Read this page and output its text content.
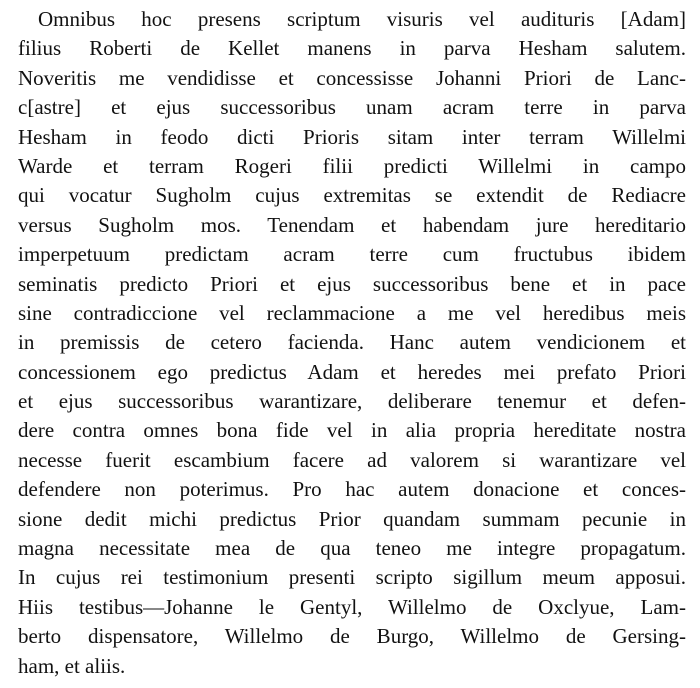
Omnibus hoc presens scriptum visuris vel audituris [Adam]
filius Roberti de Kellet manens in parva Hesham salutem.
Noveritis me vendidisse et concessisse Johanni Priori de Lanc-
c[astre] et ejus successoribus unam acram terre in parva
Hesham in feodo dicti Prioris sitam inter terram Willelmi
Warde et terram Rogeri filii predicti Willelmi in campo
qui vocatur Sugholm cujus extremitas se extendit de Rediacre
versus Sugholm mos. Tenendam et habendam jure hereditario
imperpetuum predictam acram terre cum fructubus ibidem
seminatis predicto Priori et ejus successoribus bene et in pace
sine contradiccione vel reclammacione a me vel heredibus meis
in premissis de cetero facienda. Hanc autem vendicionem et
concessionem ego predictus Adam et heredes mei prefato Priori
et ejus successoribus warantizare, deliberare tenemur et defen-
dere contra omnes bona fide vel in alia propria hereditate nostra
necesse fuerit escambium facere ad valorem si warantizare vel
defendere non poterimus. Pro hac autem donacione et conces-
sione dedit michi predictus Prior quandam summam pecunie in
magna necessitate mea de qua teneo me integre propagatum.
In cujus rei testimonium presenti scripto sigillum meum apposui.
Hiis testibus—Johanne le Gentyl, Willelmo de Oxclyue, Lam-
berto dispensatore, Willelmo de Burgo, Willelmo de Gersing-
ham, et aliis.
